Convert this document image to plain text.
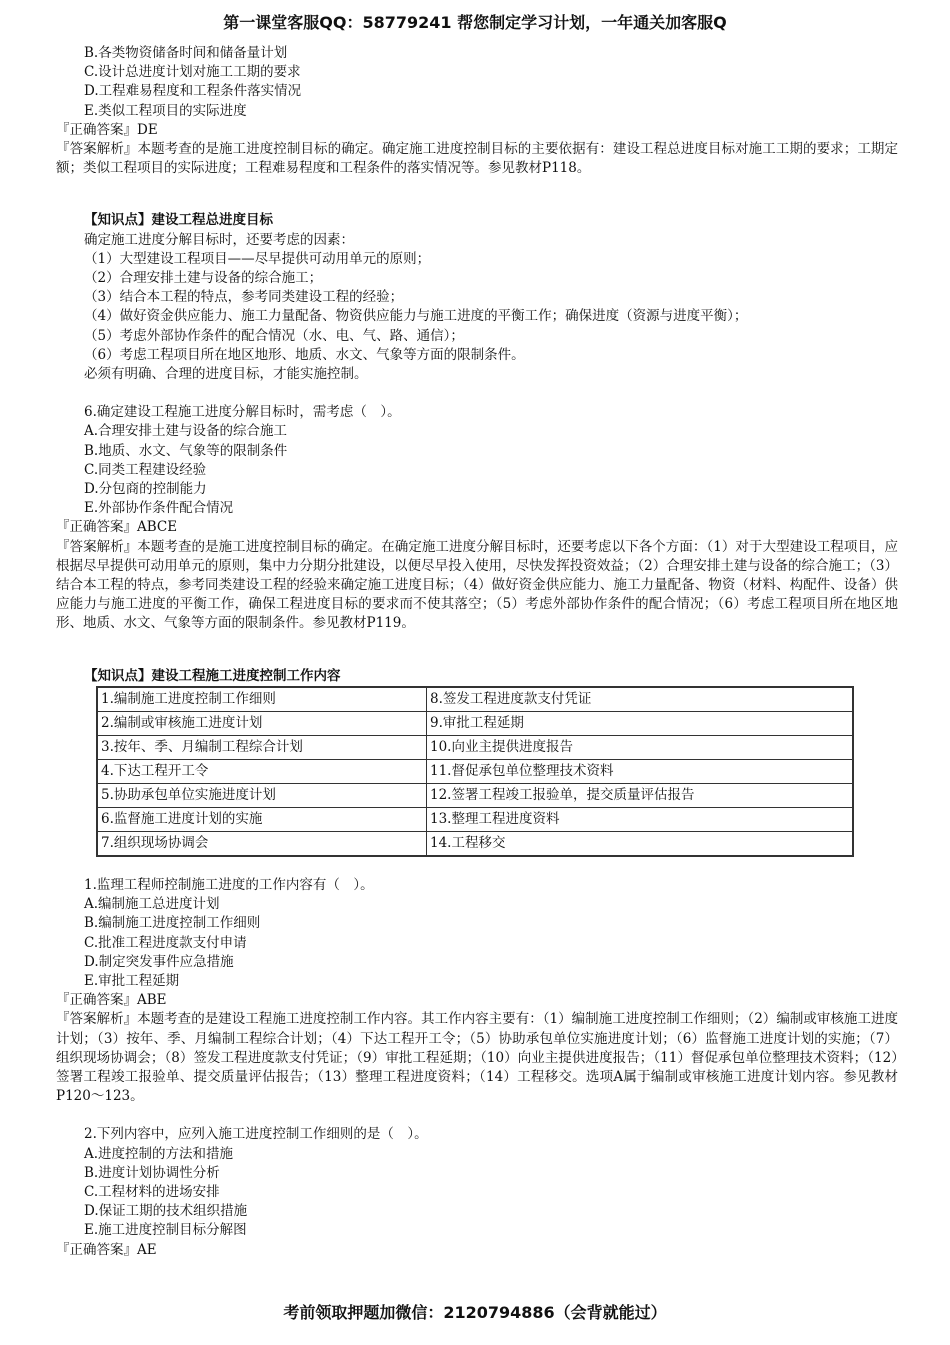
第一课堂客服QQ：58779241 帮您制定学习计划，一年通关加客服Q
B.各类物资储备时间和储备量计划
C.设计总进度计划对施工工期的要求
D.工程难易程度和工程条件落实情况
E.类似工程项目的实际进度
『正确答案』DE
『答案解析』本题考查的是施工进度控制目标的确定。确定施工进度控制目标的主要依据有：建设工程总进度目标对施工工期的要求；工期定额；类似工程项目的实际进度；工程难易程度和工程条件的落实情况等。参见教材P118。
【知识点】建设工程总进度目标
确定施工进度分解目标时，还要考虑的因素：
（1）大型建设工程项目——尽早提供可动用单元的原则；
（2）合理安排土建与设备的综合施工；
（3）结合本工程的特点，参考同类建设工程的经验；
（4）做好资金供应能力、施工力量配备、物资供应能力与施工进度的平衡工作；确保进度（资源与进度平衡）；
（5）考虑外部协作条件的配合情况（水、电、气、路、通信）；
（6）考虑工程项目所在地区地形、地质、水文、气象等方面的限制条件。
必须有明确、合理的进度目标，才能实施控制。
6.确定建设工程施工进度分解目标时，需考虑（　）。
A.合理安排土建与设备的综合施工
B.地质、水文、气象等的限制条件
C.同类工程建设经验
D.分包商的控制能力
E.外部协作条件配合情况
『正确答案』ABCE
『答案解析』本题考查的是施工进度控制目标的确定。在确定施工进度分解目标时，还要考虑以下各个方面：（1）对于大型建设工程项目，应根据尽早提供可动用单元的原则，集中力分期分批建设，以便尽早投入使用，尽快发挥投资效益；（2）合理安排土建与设备的综合施工；（3）结合本工程的特点，参考同类建设工程的经验来确定施工进度目标；（4）做好资金供应能力、施工力量配备、物资（材料、构配件、设备）供应能力与施工进度的平衡工作，确保工程进度目标的要求而不使其落空；（5）考虑外部协作条件的配合情况；（6）考虑工程项目所在地区地形、地质、水文、气象等方面的限制条件。参见教材P119。
【知识点】建设工程施工进度控制工作内容
1.编制施工进度控制工作细则	8.签发工程进度款支付凭证
2.编制或审核施工进度计划	9.审批工程延期
3.按年、季、月编制工程综合计划	10.向业主提供进度报告
4.下达工程开工令	11.督促承包单位整理技术资料
5.协助承包单位实施进度计划	12.签署工程竣工报验单，提交质量评估报告
6.监督施工进度计划的实施	13.整理工程进度资料
7.组织现场协调会	14.工程移交
1.监理工程师控制施工进度的工作内容有（　）。
A.编制施工总进度计划
B.编制施工进度控制工作细则
C.批准工程进度款支付申请
D.制定突发事件应急措施
E.审批工程延期
『正确答案』ABE
『答案解析』本题考查的是建设工程施工进度控制工作内容。其工作内容主要有：（1）编制施工进度控制工作细则；（2）编制或审核施工进度计划；（3）按年、季、月编制工程综合计划；（4）下达工程开工令；（5）协助承包单位实施进度计划；（6）监督施工进度计划的实施；（7）组织现场协调会；（8）签发工程进度款支付凭证；（9）审批工程延期；（10）向业主提供进度报告；（11）督促承包单位整理技术资料；（12）签署工程竣工报验单、提交质量评估报告；（13）整理工程进度资料；（14）工程移交。选项A属于编制或审核施工进度计划内容。参见教材P120～123。
2.下列内容中，应列入施工进度控制工作细则的是（　）。
A.进度控制的方法和措施
B.进度计划协调性分析
C.工程材料的进场安排
D.保证工期的技术组织措施
E.施工进度控制目标分解图
『正确答案』AE
考前领取押题加微信：2120794886（会背就能过）
